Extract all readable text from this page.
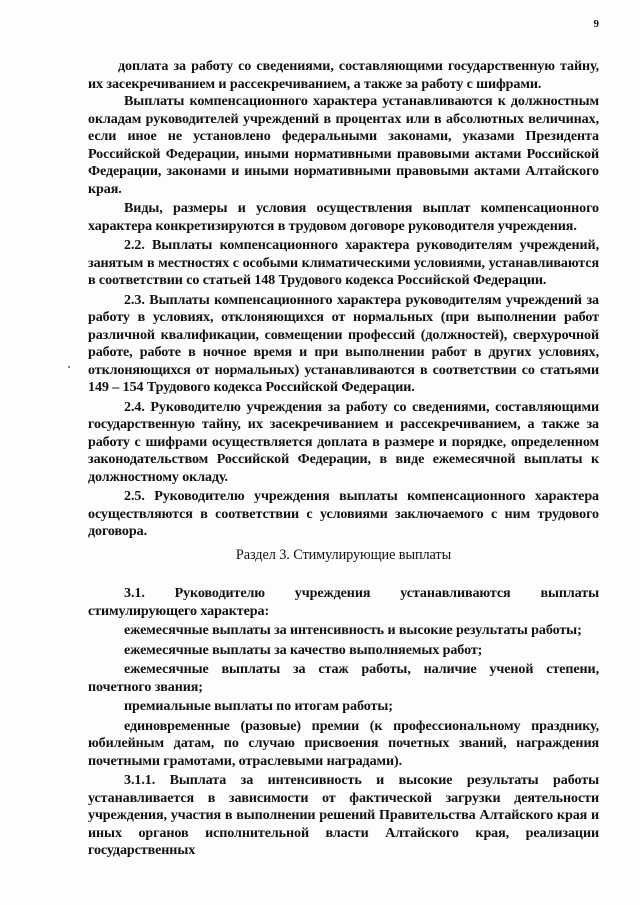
9

доплата за работу со сведениями, составляющими государственную тайну, их засекречиванием и рассекречиванием, а также за работу с шифрами.

Выплаты компенсационного характера устанавливаются к должностным окладам руководителей учреждений в процентах или в абсолютных величинах, если иное не установлено федеральными законами, указами Президента Российской Федерации, иными нормативными правовыми актами Российской Федерации, законами и иными нормативными правовыми актами Алтайского края.

Виды, размеры и условия осуществления выплат компенсационного характера конкретизируются в трудовом договоре руководителя учреждения.

2.2. Выплаты компенсационного характера руководителям учреждений, занятым в местностях с особыми климатическими условиями, устанавливаются в соответствии со статьей 148 Трудового кодекса Российской Федерации.

2.3. Выплаты компенсационного характера руководителям учреждений за работу в условиях, отклоняющихся от нормальных (при выполнении работ различной квалификации, совмещении профессий (должностей), сверхурочной работе, работе в ночное время и при выполнении работ в других условиях, отклоняющихся от нормальных) устанавливаются в соответствии со статьями 149 – 154 Трудового кодекса Российской Федерации.

2.4. Руководителю учреждения за работу со сведениями, составляющими государственную тайну, их засекречиванием и рассекречиванием, а также за работу с шифрами осуществляется доплата в размере и порядке, определенном законодательством Российской Федерации, в виде ежемесячной выплаты к должностному окладу.

2.5. Руководителю учреждения выплаты компенсационного характера осуществляются в соответствии с условиями заключаемого с ним трудового договора.

Раздел 3. Стимулирующие выплаты

3.1. Руководителю учреждения устанавливаются выплаты стимулирующего характера:

ежемесячные выплаты за интенсивность и высокие результаты работы;

ежемесячные выплаты за качество выполняемых работ;

ежемесячные выплаты за стаж работы, наличие ученой степени, почетного звания;

премиальные выплаты по итогам работы;

единовременные (разовые) премии (к профессиональному празднику, юбилейным датам, по случаю присвоения почетных званий, награждения почетными грамотами, отраслевыми наградами).

3.1.1. Выплата за интенсивность и высокие результаты работы устанавливается в зависимости от фактической загрузки деятельности учреждения, участия в выполнении решений Правительства Алтайского края и иных органов исполнительной власти Алтайского края, реализации государственных
